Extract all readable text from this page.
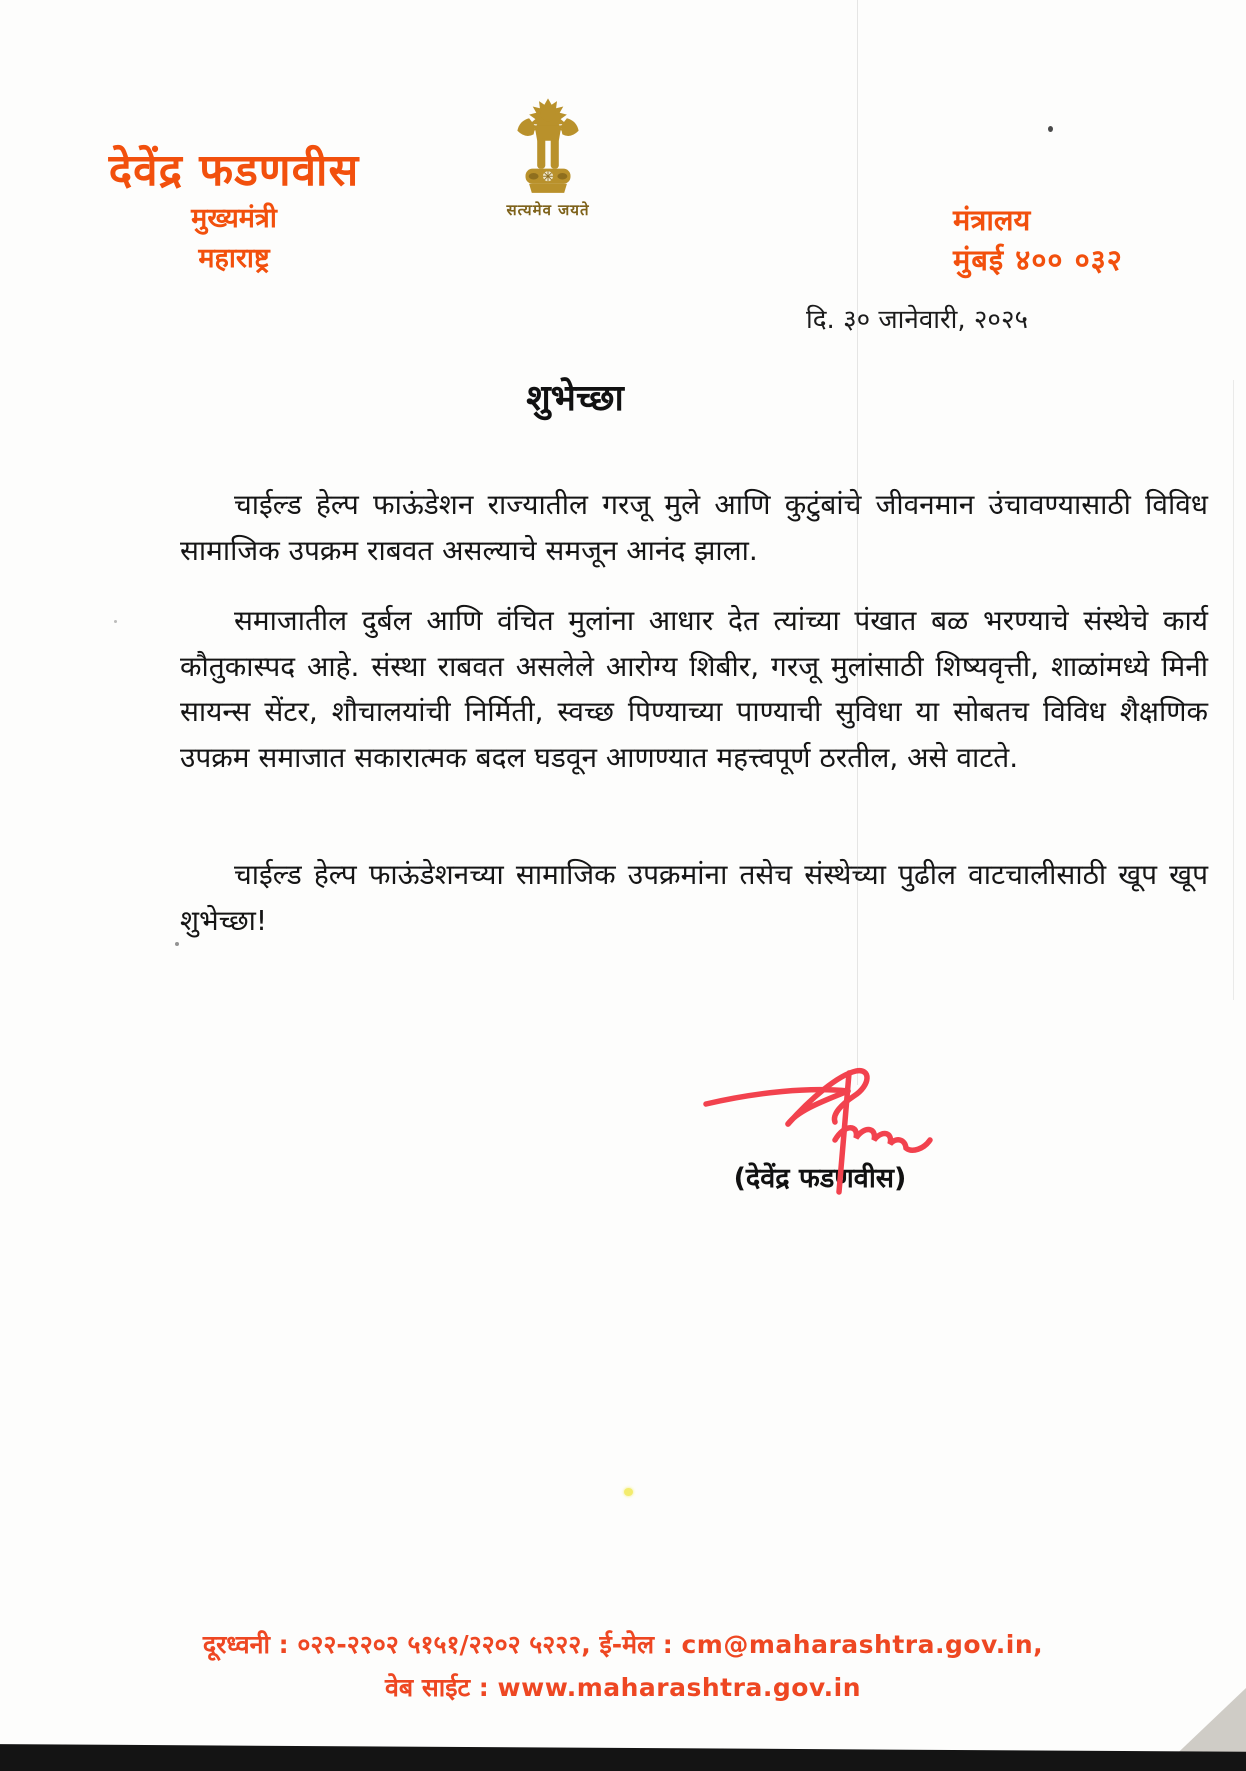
देवेंद्र फडणवीस
मुख्यमंत्री
महाराष्ट्र
सत्यमेव जयते	मंत्रालय
मुंबई ४०० ०३२
दि. ३० जानेवारी, २०२५
शुभेच्छा
चाईल्ड हेल्प फाऊंडेशन राज्यातील गरजू मुले आणि कुटुंबांचे जीवनमान उंचावण्यासाठी विविध सामाजिक उपक्रम राबवत असल्याचे समजून आनंद झाला.
समाजातील दुर्बल आणि वंचित मुलांना आधार देत त्यांच्या पंखात बळ भरण्याचे संस्थेचे कार्य कौतुकास्पद आहे. संस्था राबवत असलेले आरोग्य शिबीर, गरजू मुलांसाठी शिष्यवृत्ती, शाळांमध्ये मिनी सायन्स सेंटर, शौचालयांची निर्मिती, स्वच्छ पिण्याच्या पाण्याची सुविधा या सोबतच विविध शैक्षणिक उपक्रम समाजात सकारात्मक बदल घडवून आणण्यात महत्त्वपूर्ण ठरतील, असे वाटते.
चाईल्ड हेल्प फाऊंडेशनच्या सामाजिक उपक्रमांना तसेच संस्थेच्या पुढील वाटचालीसाठी खूप खूप शुभेच्छा!
(देवेंद्र फडणवीस)
दूरध्वनी : ०२२-२२०२ ५१५१/२२०२ ५२२२, ई-मेल : cm@maharashtra.gov.in,
वेब साईट : www.maharashtra.gov.in
